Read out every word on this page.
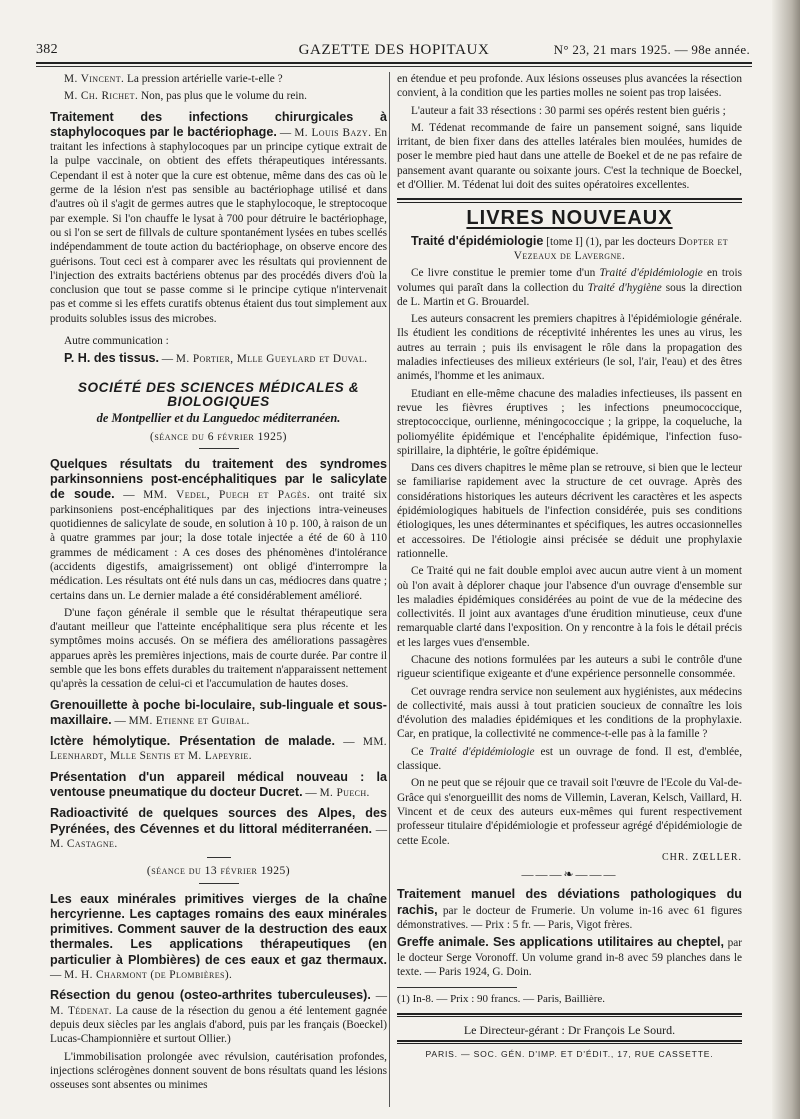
382	GAZETTE DES HOPITAUX	N° 23, 21 mars 1925. — 98e année.

M. Vincent. La pression artérielle varie-t-elle ?

M. Ch. Richet. Non, pas plus que le volume du rein.

Traitement des infections chirurgicales à staphylocoques par le bactériophage. — M. Louis Bazy. En traitant les infections à staphylocoques par un principe cytique extrait de la pulpe vaccinale, on obtient des effets thérapeutiques intéressants. Cependant il est à noter que la cure est obtenue, même dans des cas où le germe de la lésion n'est pas sensible au bactériophage utilisé et dans d'autres où il s'agit de germes autres que le staphylocoque, le streptocoque par exemple. Si l'on chauffe le lysat à 700 pour détruire le bactériophage, ou si l'on se sert de fillvals de culture spontanément lysées en tubes scellés indépendamment de toute action du bactériophage, on observe encore des guérisons. Tout ceci est à comparer avec les résultats qui proviennent de l'injection des extraits bactériens obtenus par des procédés divers d'où la conclusion que tout se passe comme si le principe cytique n'intervenait pas et comme si les effets curatifs obtenus étaient dus tout simplement aux produits solubles issus des microbes.

Autre communication :

P. H. des tissus. — M. Portier, Mlle Gueylard et Duval.

SOCIÉTÉ DES SCIENCES MÉDICALES & BIOLOGIQUES
de Montpellier et du Languedoc méditerranéen.
(séance du 6 février 1925)

Quelques résultats du traitement des syndromes parkinsonniens post-encéphalitiques par le salicylate de soude. — MM. Vedel, Puech et Pagès. ont traité six parkinsoniens post-encéphalitiques par des injections intra-veineuses quotidiennes de salicylate de soude, en solution à 10 p. 100, à raison de un à quatre grammes par jour; la dose totale injectée a été de 60 à 110 grammes de médicament : A ces doses des phénomènes d'intolérance (accidents digestifs, amaigrissement) ont obligé d'interrompre la médication. Les résultats ont été nuls dans un cas, médiocres dans quatre ; certains dans un. Le dernier malade a été considérablement amélioré.

D'une façon générale il semble que le résultat thérapeutique sera d'autant meilleur que l'atteinte encéphalitique sera plus récente et les symptômes moins accusés. On se méfiera des améliorations passagères apparues après les premières injections, mais de courte durée. Par contre il semble que les bons effets durables du traitement n'apparaissent nettement qu'après la cessation de celui-ci et l'accumulation de hautes doses.

Grenouillette à poche bi-loculaire, sub-linguale et sous-maxillaire. — MM. Etienne et Guibal.

Ictère hémolytique. Présentation de malade. — MM. Leenhardt, Mlle Sentis et M. Lapeyrie.

Présentation d'un appareil médical nouveau : la ventouse pneumatique du docteur Ducret. — M. Puech.

Radioactivité de quelques sources des Alpes, des Pyrénées, des Cévennes et du littoral méditerranéen. — M. Castagne.

(séance du 13 février 1925)

Les eaux minérales primitives vierges de la chaîne hercyrienne. Les captages romains des eaux minérales primitives. Comment sauver de la destruction des eaux thermales. Les applications thérapeutiques (en particulier à Plombières) de ces eaux et gaz thermaux. — M. H. Charmont (de Plombières).

Résection du genou (osteo-arthrites tuberculeuses). — M. Tédenat. La cause de la résection du genou a été lentement gagnée depuis deux siècles par les anglais d'abord, puis par les français (Boeckel) Lucas-Championnière et surtout Ollier.)

L'immobilisation prolongée avec révulsion, cautérisation profondes, injections sclérogènes donnent souvent de bons résultats quand les lésions osseuses sont absentes ou minimes

en étendue et peu profonde. Aux lésions osseuses plus avancées la résection convient, à la condition que les parties molles ne soient pas trop laisées.

L'auteur a fait 33 résections : 30 parmi ses opérés restent bien guéris ;

M. Tédenat recommande de faire un pansement soigné, sans liquide irritant, de bien fixer dans des attelles latérales bien moulées, humides de poser le membre pied haut dans une attelle de Boekel et de ne pas refaire de pansement avant quarante ou soixante jours. C'est la technique de Boeckel, et d'Ollier. M. Tédenat lui doit des suites opératoires excellentes.

LIVRES NOUVEAUX

Traité d'épidémiologie [tome I] (1), par les docteurs Dopter et Vezeaux de Lavergne.

Ce livre constitue le premier tome d'un Traité d'épidémiologie en trois volumes qui paraît dans la collection du Traité d'hygiène sous la direction de L. Martin et G. Brouardel.

Les auteurs consacrent les premiers chapitres à l'épidémiologie générale. Ils étudient les conditions de réceptivité inhérentes les unes au virus, les autres au terrain ; puis ils envisagent le rôle dans la propagation des maladies infectieuses des milieux extérieurs (le sol, l'air, l'eau) et des êtres animés, l'homme et les animaux.

Etudiant en elle-même chacune des maladies infectieuses, ils passent en revue les fièvres éruptives ; les infections pneumococcique, streptococcique, ourlienne, méningococcique ; la grippe, la coqueluche, la poliomyélite épidémique et l'encéphalite épidémique, l'infection fuso-spirillaire, la diphtérie, le goître épidémique.

Dans ces divers chapitres le même plan se retrouve, si bien que le lecteur se familiarise rapidement avec la structure de cet ouvrage. Après des considérations historiques les auteurs décrivent les caractères et les aspects épidémiologiques habituels de l'infection considérée, puis ses conditions étiologiques, les unes déterminantes et spécifiques, les autres occasionnelles et accessoires. De l'étiologie ainsi précisée se déduit une prophylaxie rationnelle.

Ce Traité qui ne fait double emploi avec aucun autre vient à un moment où l'on avait à déplorer chaque jour l'absence d'un ouvrage d'ensemble sur les maladies épidémiques considérées au point de vue de la médecine des collectivités. Il joint aux avantages d'une érudition minutieuse, ceux d'une remarquable clarté dans l'exposition. On y rencontre à la fois le détail précis et les larges vues d'ensemble.

Chacune des notions formulées par les auteurs a subi le contrôle d'une rigueur scientifique exigeante et d'une expérience personnelle consommée.

Cet ouvrage rendra service non seulement aux hygiénistes, aux médecins de collectivité, mais aussi à tout praticien soucieux de connaître les lois d'évolution des maladies épidémiques et les conditions de la prophylaxie. Car, en pratique, la collectivité ne commence-t-elle pas à la famille ?

Ce Traité d'épidémiologie est un ouvrage de fond. Il est, d'emblée, classique.

On ne peut que se réjouir que ce travail soit l'œuvre de l'Ecole du Val-de-Grâce qui s'enorgueillit des noms de Villemin, Laveran, Kelsch, Vaillard, H. Vincent et de ceux des auteurs eux-mêmes qui furent respectivement professeur titulaire d'épidémiologie et professeur agrégé d'épidémiologie de cette Ecole.

CHR. ZŒLLER.
———❧———

Traitement manuel des déviations pathologiques du rachis, par le docteur de Frumerie. Un volume in-16 avec 61 figures démonstratives. — Prix : 5 fr. — Paris, Vigot frères.

Greffe animale. Ses applications utilitaires au cheptel, par le docteur Serge Voronoff. Un volume grand in-8 avec 59 planches dans le texte. — Paris 1924, G. Doin.

(1) In-8. — Prix : 90 francs. — Paris, Baillière.

Le Directeur-gérant : Dr François Le Sourd.

PARIS. — SOC. GÉN. D'IMP. ET D'ÉDIT., 17, RUE CASSETTE.
